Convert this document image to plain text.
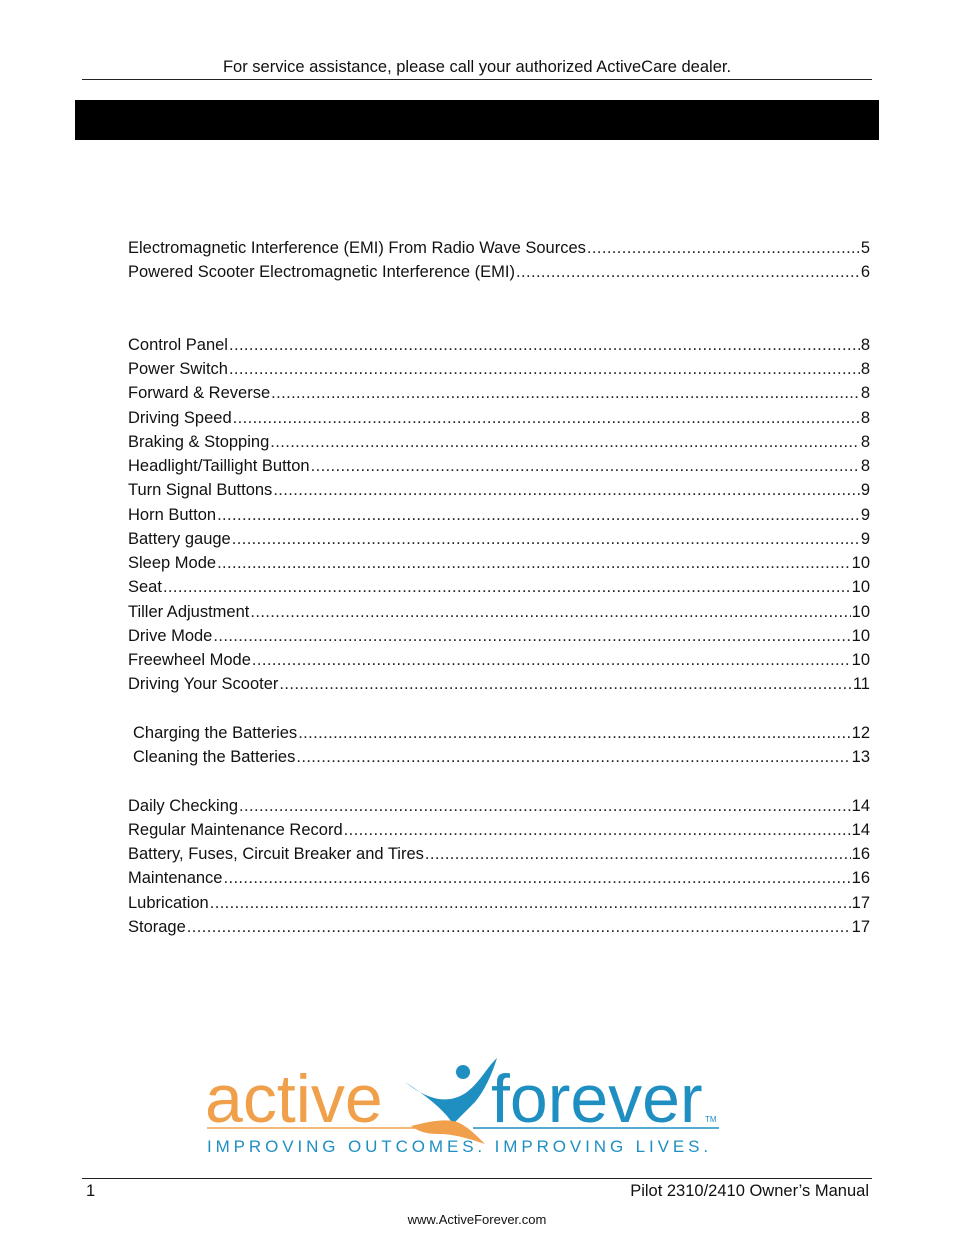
For service assistance, please call your authorized ActiveCare dealer.
Electromagnetic Interference (EMI) From Radio Wave Sources .....	5
Powered Scooter Electromagnetic Interference (EMI) .....	6
Control Panel .....	8
Power Switch .....	8
Forward & Reverse .....	8
Driving Speed .....	8
Braking & Stopping .....	8
Headlight/Taillight Button .....	8
Turn Signal Buttons .....	9
Horn Button .....	9
Battery gauge .....	9
Sleep Mode .....	10
Seat .....	10
Tiller Adjustment .....	10
Drive Mode .....	10
Freewheel Mode .....	10
Driving Your Scooter .....	11
Charging the Batteries .....	12
Cleaning the Batteries .....	13
Daily Checking .....	14
Regular Maintenance Record .....	14
Battery, Fuses, Circuit Breaker and Tires .....	16
Maintenance .....	16
Lubrication .....	17
Storage .....	17
active forever TM
IMPROVING OUTCOMES. IMPROVING LIVES.
1	Pilot 2310/2410 Owner’s Manual
www.ActiveForever.com
